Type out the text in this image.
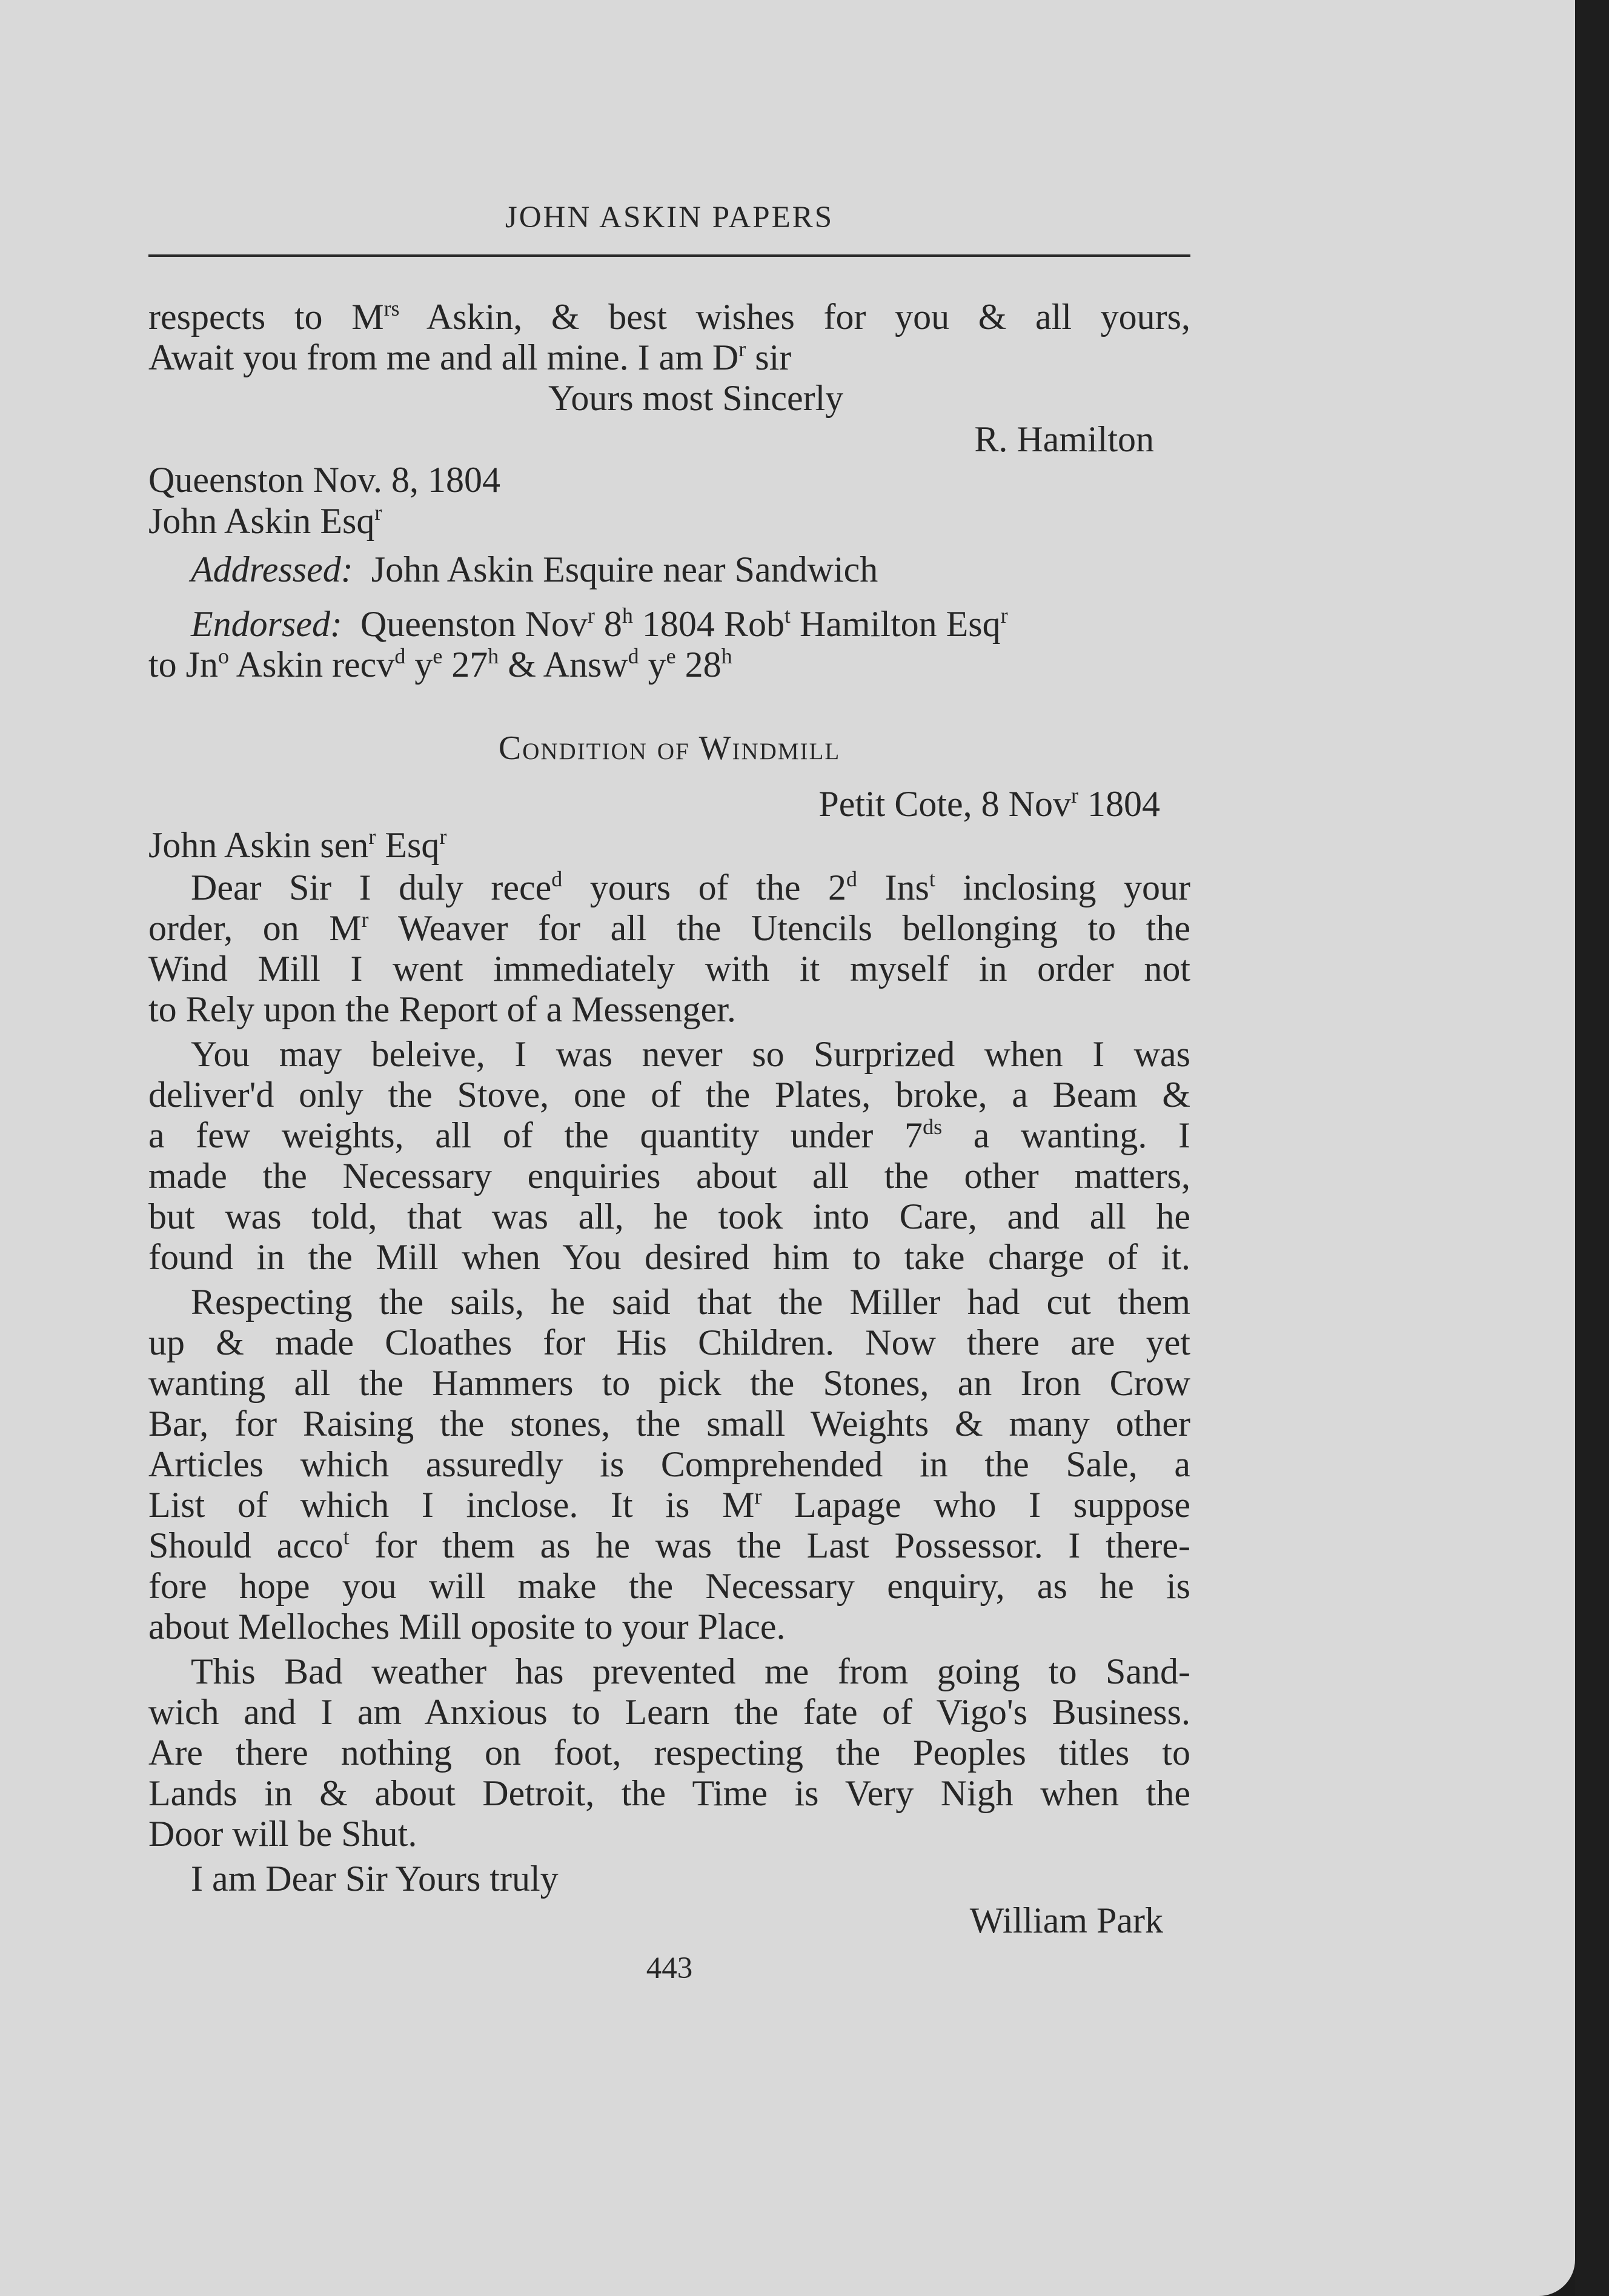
JOHN ASKIN PAPERS
respects to $M^{rs}$ Askin, & best wishes for you & all yours,
Await you from me and all mine. I am $D^r$ sir
Yours most Sincerly
R. Hamilton
Queenston Nov. 8, 1804
John Askin Esq$^r$
Addressed: John Askin Esquire near Sandwich
Endorsed: Queenston Nov$^r$ 8$^h$ 1804 Rob$^t$ Hamilton Esq$^r$
to Jn$^o$ Askin recv$^d$ $y^e$ 27$^h$ & Answ$^d$ $y^e$ 28$^h$
Condition of Windmill
Petit Cote, 8 Nov$^r$ 1804
John Askin sen$^r$ Esq$^r$
Dear Sir I duly rece$^d$ yours of the 2$^d$ Ins$^t$ inclosing your
order, on $M^r$ Weaver for all the Utencils bellonging to the
Wind Mill I went immediately with it myself in order not
to Rely upon the Report of a Messenger.
You may beleive, I was never so Surprized when I was
deliver'd only the Stove, one of the Plates, broke, a Beam &
a few weights, all of the quantity under $7^{ds}$ a wanting. I
made the Necessary enquiries about all the other matters,
but was told, that was all, he took into Care, and all he
found in the Mill when You desired him to take charge of it.
Respecting the sails, he said that the Miller had cut them
up & made Cloathes for His Children. Now there are yet
wanting all the Hammers to pick the Stones, an Iron Crow
Bar, for Raising the stones, the small Weights & many other
Articles which assuredly is Comprehended in the Sale, a
List of which I inclose. It is $M^r$ Lapage who I suppose
Should acco$^t$ for them as he was the Last Possessor. I there-
fore hope you will make the Necessary enquiry, as he is
about Melloches Mill oposite to your Place.
This Bad weather has prevented me from going to Sand-
wich and I am Anxious to Learn the fate of Vigo's Business.
Are there nothing on foot, respecting the Peoples titles to
Lands in & about Detroit, the Time is Very Nigh when the
Door will be Shut.
I am Dear Sir Yours truly
William Park
443
